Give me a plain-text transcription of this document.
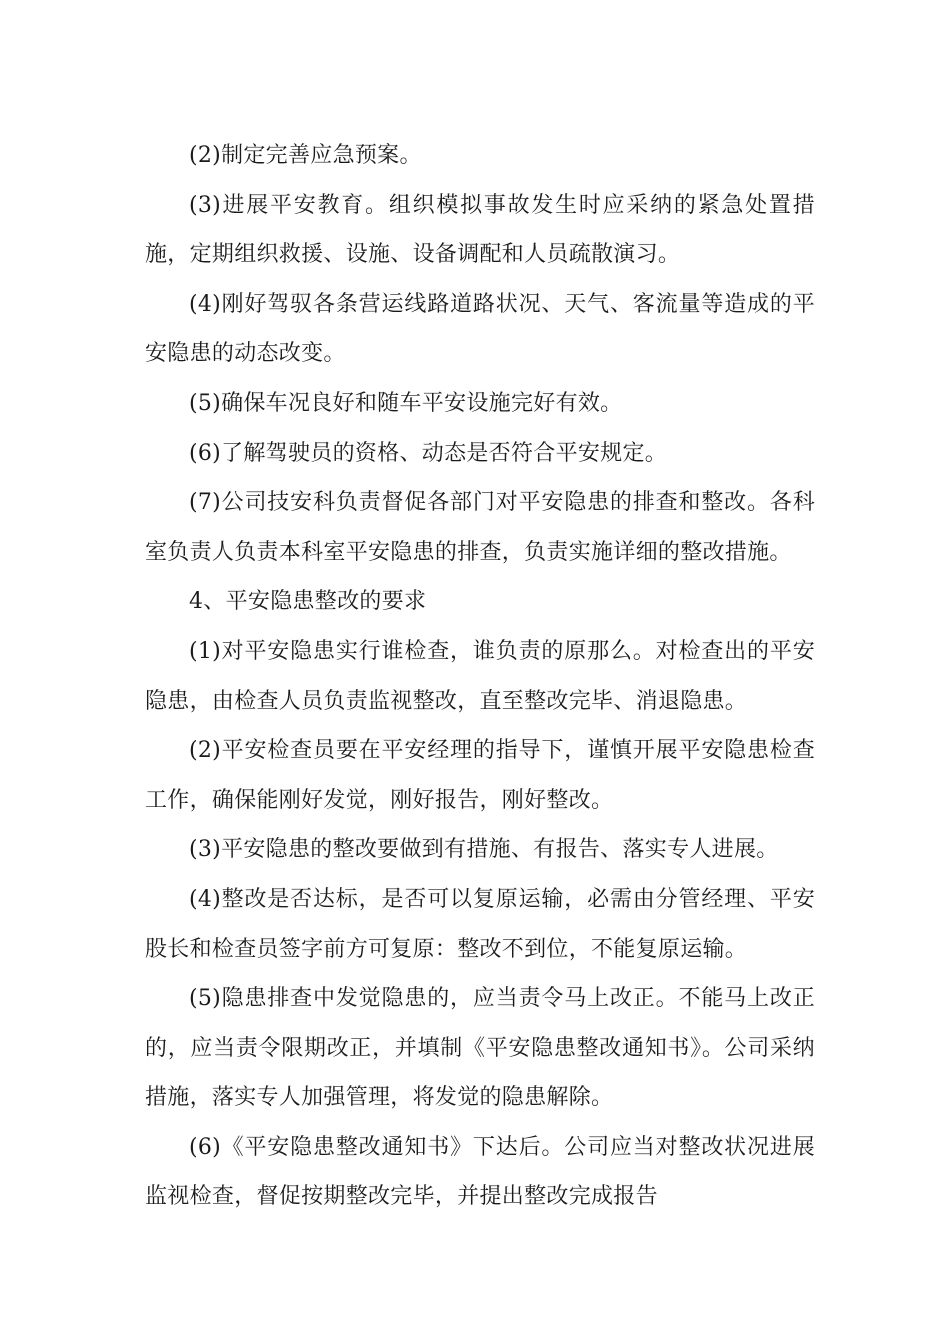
(2)制定完善应急预案。

(3)进展平安教育。组织模拟事故发生时应采纳的紧急处置措施，定期组织救援、设施、设备调配和人员疏散演习。

(4)刚好驾驭各条营运线路道路状况、天气、客流量等造成的平安隐患的动态改变。

(5)确保车况良好和随车平安设施完好有效。

(6)了解驾驶员的资格、动态是否符合平安规定。

(7)公司技安科负责督促各部门对平安隐患的排查和整改。各科室负责人负责本科室平安隐患的排查，负责实施详细的整改措施。

4、平安隐患整改的要求

(1)对平安隐患实行谁检查，谁负责的原那么。对检查出的平安隐患，由检查人员负责监视整改，直至整改完毕、消退隐患。

(2)平安检查员要在平安经理的指导下，谨慎开展平安隐患检查工作，确保能刚好发觉，刚好报告，刚好整改。

(3)平安隐患的整改要做到有措施、有报告、落实专人进展。

(4)整改是否达标，是否可以复原运输，必需由分管经理、平安股长和检查员签字前方可复原：整改不到位，不能复原运输。

(5)隐患排查中发觉隐患的，应当责令马上改正。不能马上改正的，应当责令限期改正，并填制《平安隐患整改通知书》。公司采纳措施，落实专人加强管理，将发觉的隐患解除。

(6)《平安隐患整改通知书》下达后。公司应当对整改状况进展监视检查，督促按期整改完毕，并提出整改完成报告
